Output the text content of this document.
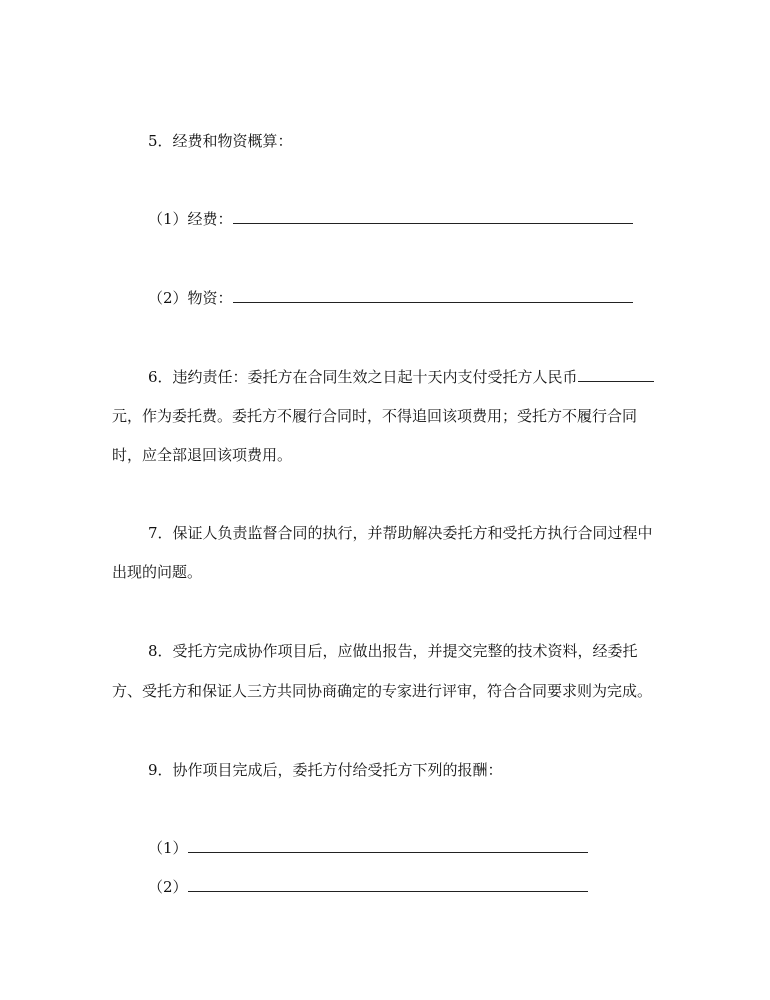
5．经费和物资概算：
（1）经费：
（2）物资：
6．违约责任：委托方在合同生效之日起十天内支付受托方人民币
元，作为委托费。委托方不履行合同时，不得追回该项费用；受托方不履行合同
时，应全部退回该项费用。
7．保证人负责监督合同的执行，并帮助解决委托方和受托方执行合同过程中
出现的问题。
8．受托方完成协作项目后，应做出报告，并提交完整的技术资料，经委托
方、受托方和保证人三方共同协商确定的专家进行评审，符合合同要求则为完成。
9．协作项目完成后，委托方付给受托方下列的报酬：
（1）
（2）
